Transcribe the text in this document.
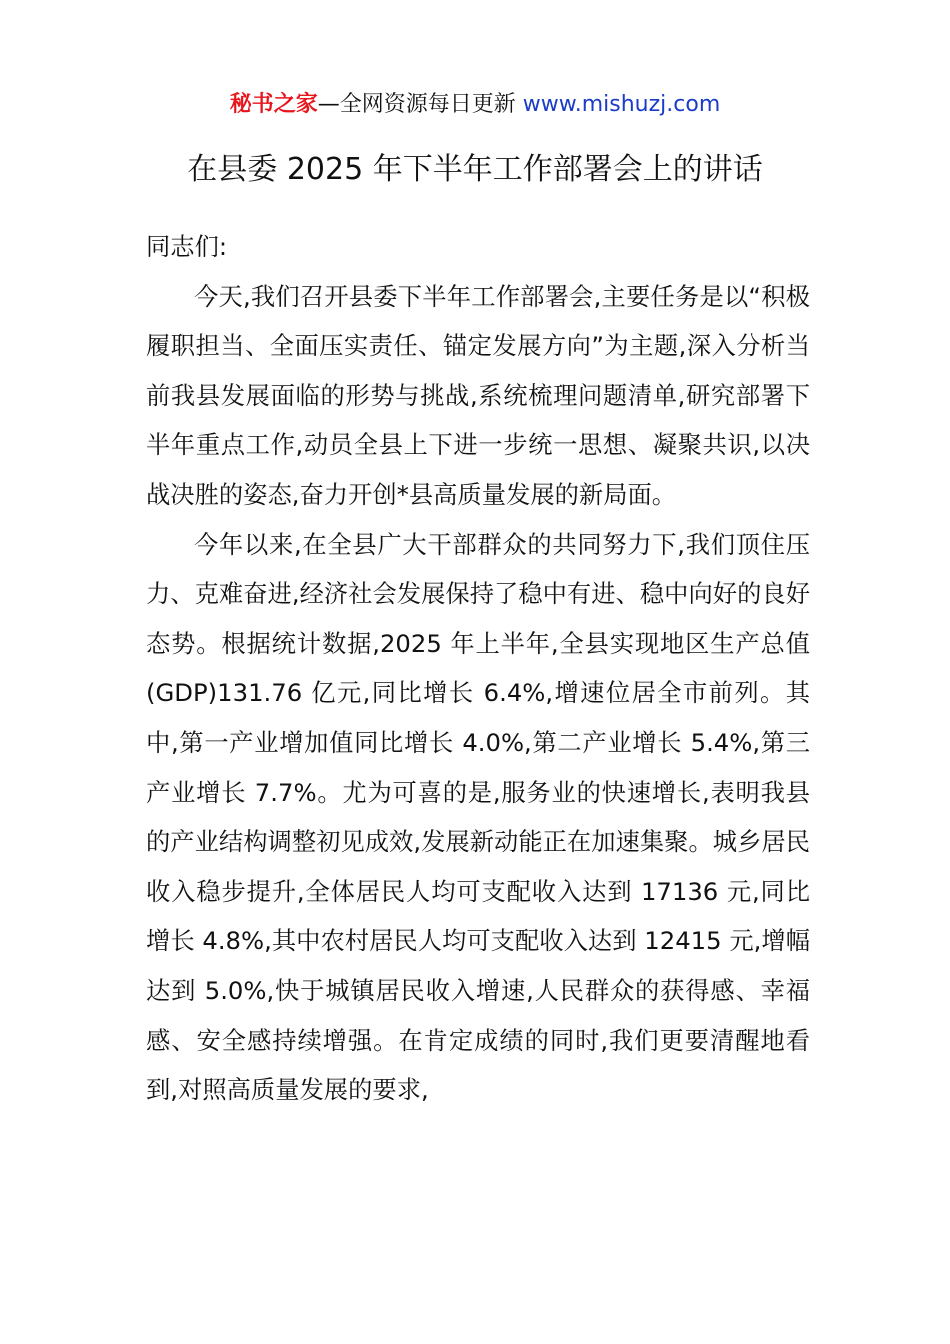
秘书之家—全网资源每日更新 www.mishuzj.com
在县委 2025 年下半年工作部署会上的讲话

同志们:

今天,我们召开县委下半年工作部署会,主要任务是以“积极履职担当、全面压实责任、锚定发展方向”为主题,深入分析当前我县发展面临的形势与挑战,系统梳理问题清单,研究部署下半年重点工作,动员全县上下进一步统一思想、凝聚共识,以决战决胜的姿态,奋力开创*县高质量发展的新局面。

今年以来,在全县广大干部群众的共同努力下,我们顶住压力、克难奋进,经济社会发展保持了稳中有进、稳中向好的良好态势。根据统计数据,2025 年上半年,全县实现地区生产总值(GDP)131.76 亿元,同比增长 6.4%,增速位居全市前列。其中,第一产业增加值同比增长 4.0%,第二产业增长 5.4%,第三产业增长 7.7%。尤为可喜的是,服务业的快速增长,表明我县的产业结构调整初见成效,发展新动能正在加速集聚。城乡居民收入稳步提升,全体居民人均可支配收入达到 17136 元,同比增长 4.8%,其中农村居民人均可支配收入达到 12415 元,增幅达到 5.0%,快于城镇居民收入增速,人民群众的获得感、幸福感、安全感持续增强。在肯定成绩的同时,我们更要清醒地看到,对照高质量发展的要求,
